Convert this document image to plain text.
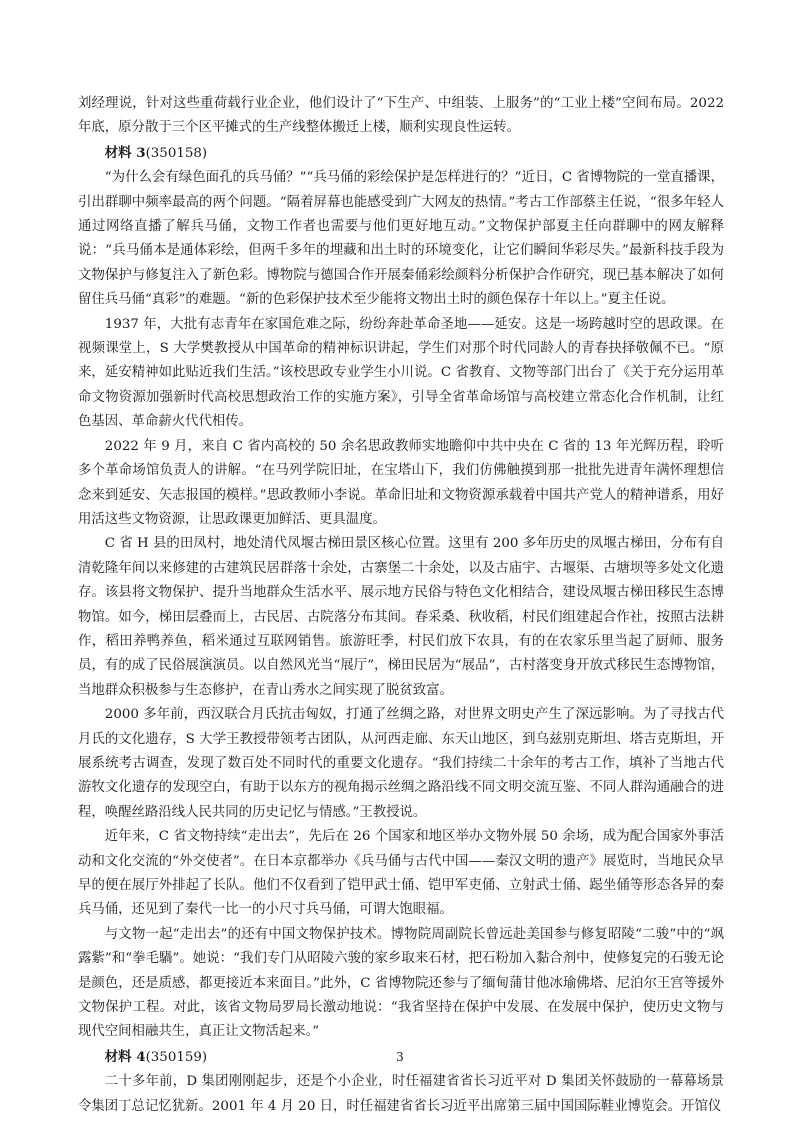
刘经理说，针对这些重荷载行业企业，他们设计了“下生产、中组装、上服务”的“工业上楼”空间布局。2022 年底，原分散于三个区平摊式的生产线整体搬迁上楼，顺利实现良性运转。

材料 3(350158)

“为什么会有绿色面孔的兵马俑？”“兵马俑的彩绘保护是怎样进行的？”近日，C 省博物院的一堂直播课，引出群聊中频率最高的两个问题。“隔着屏幕也能感受到广大网友的热情。”考古工作部蔡主任说，“很多年轻人通过网络直播了解兵马俑，文物工作者也需要与他们更好地互动。”文物保护部夏主任向群聊中的网友解释说：“兵马俑本是通体彩绘，但两千多年的埋藏和出土时的环境变化，让它们瞬间华彩尽失。”最新科技手段为文物保护与修复注入了新色彩。博物院与德国合作开展秦俑彩绘颜料分析保护合作研究，现已基本解决了如何留住兵马俑“真彩”的难题。“新的色彩保护技术至少能将文物出土时的颜色保存十年以上。”夏主任说。

1937 年，大批有志青年在家国危难之际，纷纷奔赴革命圣地——延安。这是一场跨越时空的思政课。在视频课堂上，S 大学樊教授从中国革命的精神标识讲起，学生们对那个时代同龄人的青春抉择敬佩不已。“原来，延安精神如此贴近我们生活。”该校思政专业学生小川说。C 省教育、文物等部门出台了《关于充分运用革命文物资源加强新时代高校思想政治工作的实施方案》，引导全省革命场馆与高校建立常态化合作机制，让红色基因、革命薪火代代相传。

2022 年 9 月，来自 C 省内高校的 50 余名思政教师实地瞻仰中共中央在 C 省的 13 年光辉历程，聆听多个革命场馆负责人的讲解。“在马列学院旧址，在宝塔山下，我们仿佛触摸到那一批批先进青年满怀理想信念来到延安、矢志报国的模样。”思政教师小李说。革命旧址和文物资源承载着中国共产党人的精神谱系，用好用活这些文物资源，让思政课更加鲜活、更具温度。

C 省 H 县的田凤村，地处清代凤堰古梯田景区核心位置。这里有 200 多年历史的凤堰古梯田，分布有自清乾隆年间以来修建的古建筑民居群落十余处，古寨堡二十余处，以及古庙宇、古堰渠、古塘坝等多处文化遗存。该县将文物保护、提升当地群众生活水平、展示地方民俗与特色文化相结合，建设凤堰古梯田移民生态博物馆。如今，梯田层叠而上，古民居、古院落分布其间。春采桑、秋收稻，村民们组建起合作社，按照古法耕作，稻田养鸭养鱼，稻米通过互联网销售。旅游旺季，村民们放下农具，有的在农家乐里当起了厨师、服务员，有的成了民俗展演演员。以自然风光当“展厅”，梯田民居为“展品”，古村落变身开放式移民生态博物馆，当地群众积极参与生态修护，在青山秀水之间实现了脱贫致富。

2000 多年前，西汉联合月氏抗击匈奴，打通了丝绸之路，对世界文明史产生了深远影响。为了寻找古代月氏的文化遗存，S 大学王教授带领考古团队，从河西走廊、东天山地区，到乌兹别克斯坦、塔吉克斯坦，开展系统考古调查，发现了数百处不同时代的重要文化遗存。“我们持续二十余年的考古工作，填补了当地古代游牧文化遗存的发现空白，有助于以东方的视角揭示丝绸之路沿线不同文明交流互鉴、不同人群沟通融合的进程，唤醒丝路沿线人民共同的历史记忆与情感。”王教授说。

近年来，C 省文物持续“走出去”，先后在 26 个国家和地区举办文物外展 50 余场，成为配合国家外事活动和文化交流的“外交使者”。在日本京都举办《兵马俑与古代中国——秦汉文明的遗产》展览时，当地民众早早的便在展厅外排起了长队。他们不仅看到了铠甲武士俑、铠甲军吏俑、立射武士俑、跽坐俑等形态各异的秦兵马俑，还见到了秦代一比一的小尺寸兵马俑，可谓大饱眼福。

与文物一起“走出去”的还有中国文物保护技术。博物院周副院长曾远赴美国参与修复昭陵“二骏”中的“飒露紫”和“拳毛騧”。她说：“我们专门从昭陵六骏的家乡取来石材，把石粉加入黏合剂中，使修复完的石骏无论是颜色，还是质感，都更接近本来面目。”此外，C 省博物院还参与了缅甸蒲甘他冰瑜佛塔、尼泊尔王宫等援外文物保护工程。对此，该省文物局罗局长激动地说：“我省坚持在保护中发展、在发展中保护，使历史文物与现代空间相融共生，真正让文物活起来。”

材料 4(350159)

二十多年前，D 集团刚刚起步，还是个小企业，时任福建省省长习近平对 D 集团关怀鼓励的一幕幕场景令集团丁总记忆犹新。2001 年 4 月 20 日，时任福建省省长习近平出席第三届中国国际鞋业博览会。开馆仪

3
